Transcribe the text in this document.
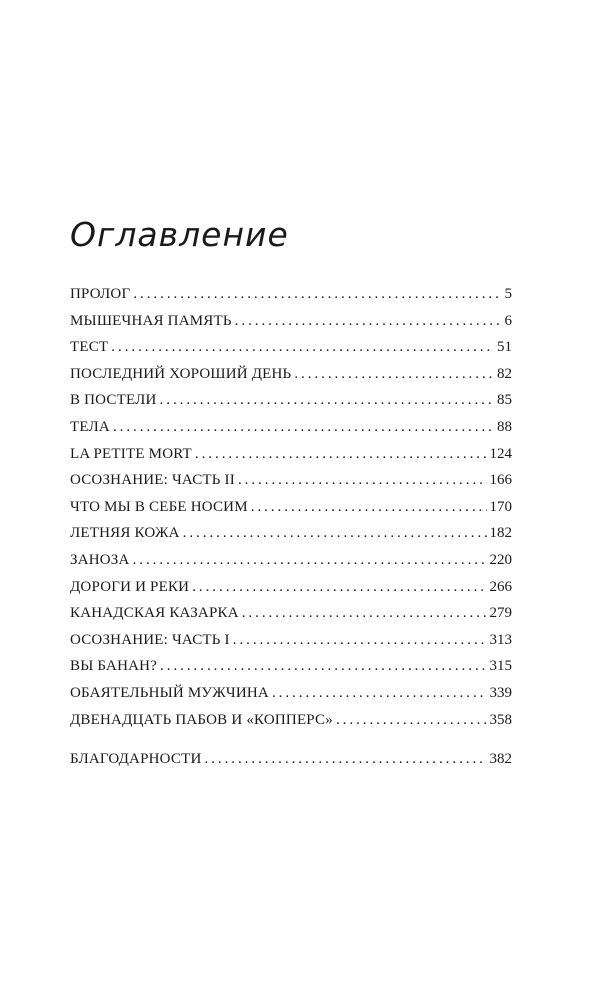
Оглавление
ПРОЛОГ . . .	5
МЫШЕЧНАЯ ПАМЯТЬ . . .	6
ТЕСТ . . .	51
ПОСЛЕДНИЙ ХОРОШИЙ ДЕНЬ . . .	82
В ПОСТЕЛИ . . .	85
ТЕЛА . . .	88
LA PETITE MORT . . .	124
ОСОЗНАНИЕ: ЧАСТЬ II . . .	166
ЧТО МЫ В СЕБЕ НОСИМ . . .	170
ЛЕТНЯЯ КОЖА . . .	182
ЗАНОЗА . . .	220
ДОРОГИ И РЕКИ . . .	266
КАНАДСКАЯ КАЗАРКА . . .	279
ОСОЗНАНИЕ: ЧАСТЬ I . . .	313
ВЫ БАНАН? . . .	315
ОБАЯТЕЛЬНЫЙ МУЖЧИНА . . .	339
ДВЕНАДЦАТЬ ПАБОВ И «КОППЕРС» . . .	358
БЛАГОДАРНОСТИ . . .	382
